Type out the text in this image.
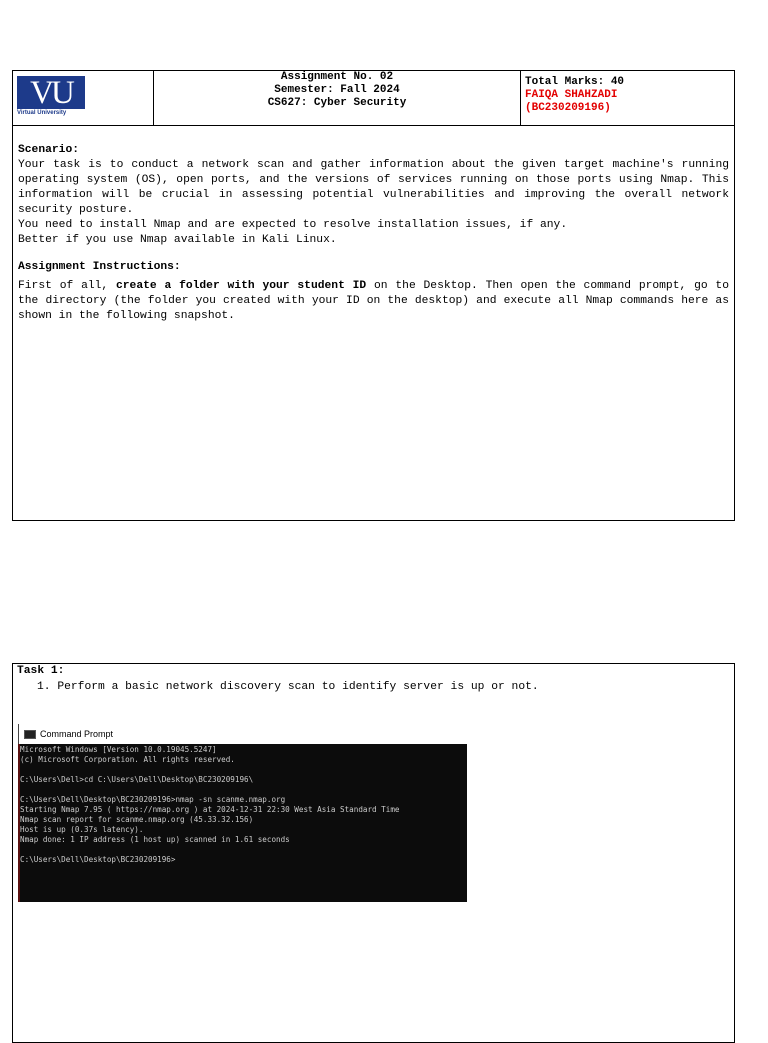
VU
Virtual University
Assignment No. 02
Semester: Fall 2024
CS627: Cyber Security
Total Marks: 40
FAIQA SHAHZADI
(BC230209196)
Scenario:

Your task is to conduct a network scan and gather information about the given target machine's running operating system (OS), open ports, and the versions of services running on those ports using Nmap. This information will be crucial in assessing potential vulnerabilities and improving the overall network security posture.

You need to install Nmap and are expected to resolve installation issues, if any.
Better if you use Nmap available in Kali Linux.
Assignment Instructions:

First of all, create a folder with your student ID on the Desktop. Then open the command prompt, go to the directory (the folder you created with your ID on the desktop) and execute all Nmap commands here as shown in the following snapshot.

Task 1:
1. Perform a basic network discovery scan to identify server is up or not.
Command Prompt
Microsoft Windows [Version 10.0.19045.5247]
(c) Microsoft Corporation. All rights reserved.

C:\Users\Dell>cd C:\Users\Dell\Desktop\BC230209196\

C:\Users\Dell\Desktop\BC230209196>nmap -sn scanme.nmap.org
Starting Nmap 7.95 ( https://nmap.org ) at 2024-12-31 22:30 West Asia Standard Time
Nmap scan report for scanme.nmap.org (45.33.32.156)
Host is up (0.37s latency).
Nmap done: 1 IP address (1 host up) scanned in 1.61 seconds

C:\Users\Dell\Desktop\BC230209196>
